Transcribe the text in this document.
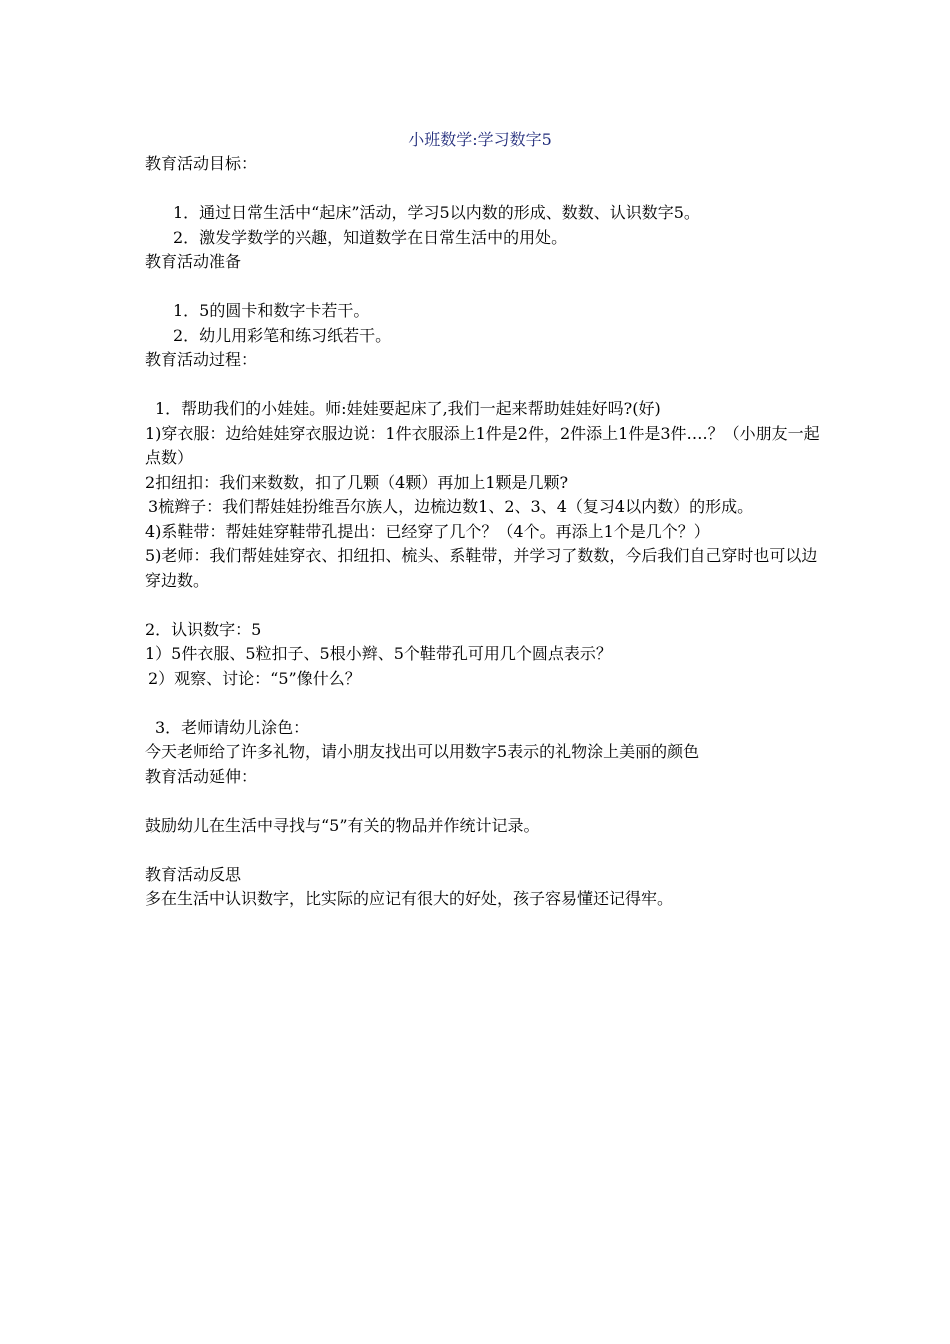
小班数学:学习数字5
教育活动目标：
1．通过日常生活中“起床”活动，学习5以内数的形成、数数、认识数字5。
2．激发学数学的兴趣，知道数学在日常生活中的用处。
教育活动准备
1．5的圆卡和数字卡若干。
2．幼儿用彩笔和练习纸若干。
教育活动过程：
1．帮助我们的小娃娃。师:娃娃要起床了,我们一起来帮助娃娃好吗?(好)
1)穿衣服：边给娃娃穿衣服边说：1件衣服添上1件是2件，2件添上1件是3件….？（小朋友一起点数）
2扣纽扣：我们来数数，扣了几颗（4颗）再加上1颗是几颗?
3梳辫子：我们帮娃娃扮维吾尔族人，边梳边数1、2、3、4（复习4以内数）的形成。
4)系鞋带：帮娃娃穿鞋带孔提出：已经穿了几个？（4个。再添上1个是几个？）
5)老师：我们帮娃娃穿衣、扣纽扣、梳头、系鞋带，并学习了数数，今后我们自己穿时也可以边穿边数。
2．认识数字：5
1）5件衣服、5粒扣子、5根小辫、5个鞋带孔可用几个圆点表示？
2）观察、讨论：“5”像什么？
3．老师请幼儿涂色：
今天老师给了许多礼物，请小朋友找出可以用数字5表示的礼物涂上美丽的颜色
教育活动延伸：
鼓励幼儿在生活中寻找与“5”有关的物品并作统计记录。
教育活动反思
多在生活中认识数字，比实际的应记有很大的好处，孩子容易懂还记得牢。
